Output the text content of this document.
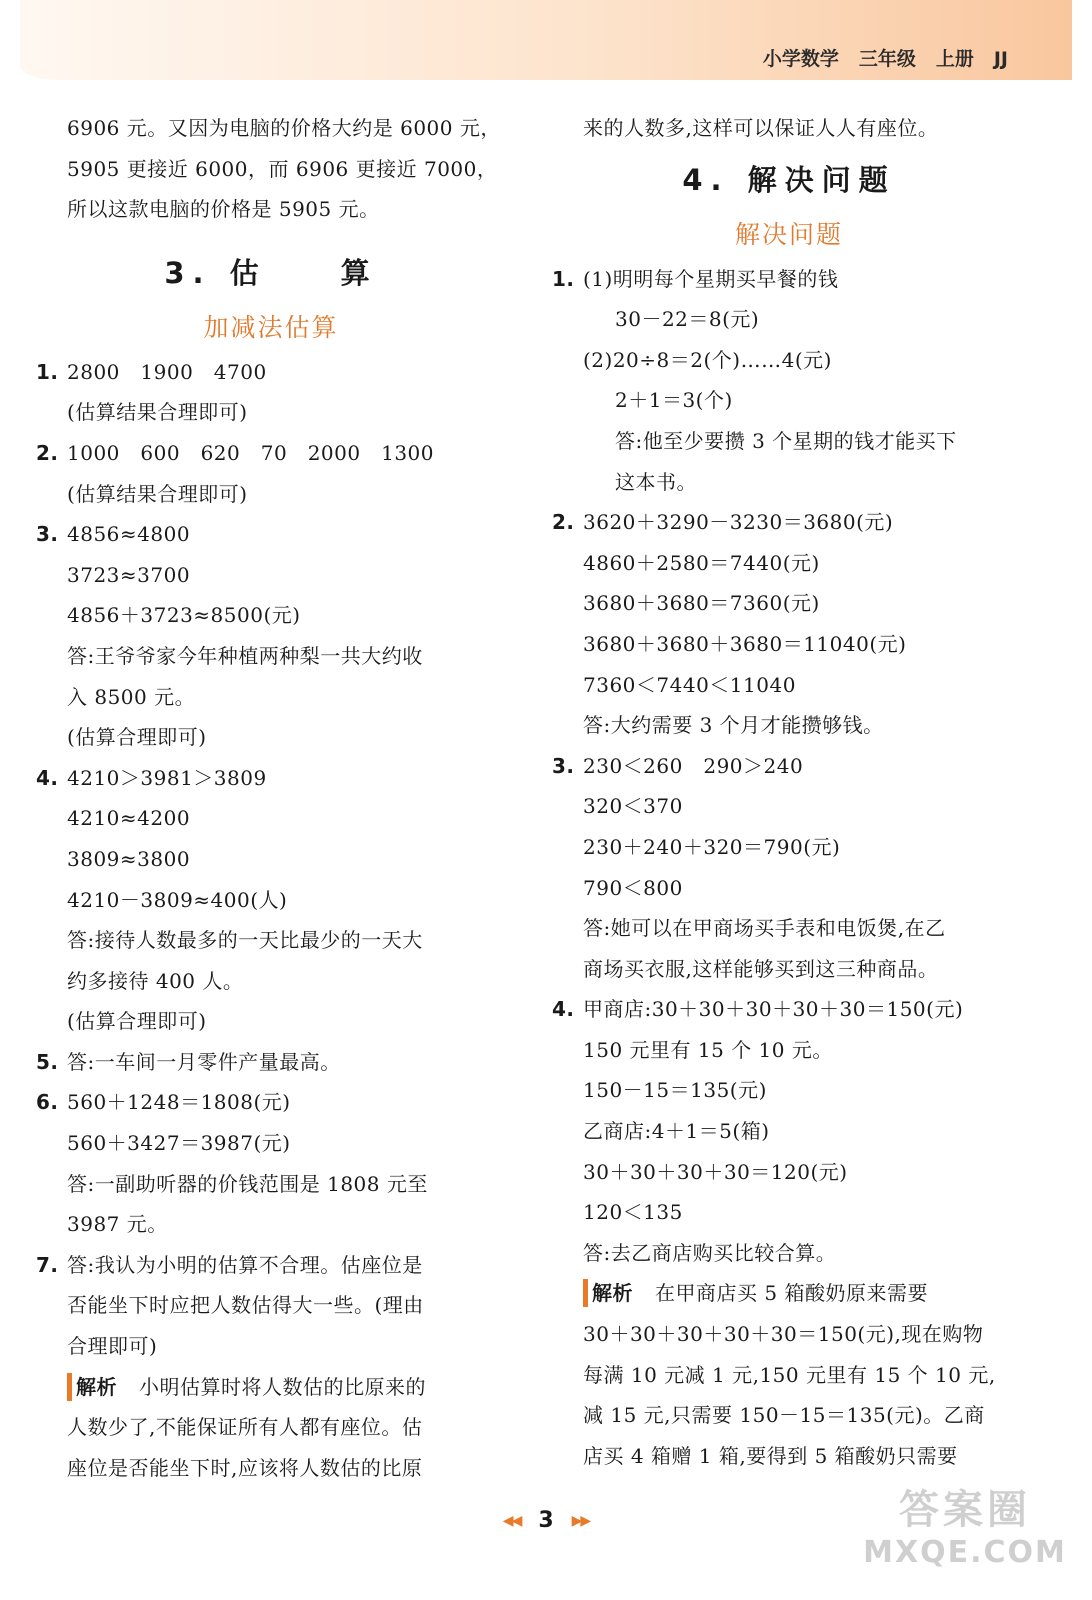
小学数学 三年级 上册 JJ
6906 元。又因为电脑的价格大约是 6000 元，
5905 更接近 6000，而 6906 更接近 7000，
所以这款电脑的价格是 5905 元。
3. 估　　算
加减法估算
1. 2800　1900　4700
(估算结果合理即可)
2. 1000　600　620　70　2000　1300
(估算结果合理即可)
3. 4856≈4800
3723≈3700
4856＋3723≈8500(元)
答:王爷爷家今年种植两种梨一共大约收
入 8500 元。
(估算合理即可)
4. 4210＞3981＞3809
4210≈4200
3809≈3800
4210－3809≈400(人)
答:接待人数最多的一天比最少的一天大
约多接待 400 人。
(估算合理即可)
5. 答:一车间一月零件产量最高。
6. 560＋1248＝1808(元)
560＋3427＝3987(元)
答:一副助听器的价钱范围是 1808 元至
3987 元。
7. 答:我认为小明的估算不合理。估座位是
否能坐下时应把人数估得大一些。(理由
合理即可)
解析 小明估算时将人数估的比原来的
人数少了,不能保证所有人都有座位。估
座位是否能坐下时,应该将人数估的比原
来的人数多,这样可以保证人人有座位。
4. 解决问题
解决问题
1. (1)明明每个星期买早餐的钱
30－22＝8(元)
(2)20÷8＝2(个)……4(元)
2＋1＝3(个)
答:他至少要攒 3 个星期的钱才能买下
这本书。
2. 3620＋3290－3230＝3680(元)
4860＋2580＝7440(元)
3680＋3680＝7360(元)
3680＋3680＋3680＝11040(元)
7360＜7440＜11040
答:大约需要 3 个月才能攒够钱。
3. 230＜260　290＞240
320＜370
230＋240＋320＝790(元)
790＜800
答:她可以在甲商场买手表和电饭煲,在乙
商场买衣服,这样能够买到这三种商品。
4. 甲商店:30＋30＋30＋30＋30＝150(元)
150 元里有 15 个 10 元。
150－15＝135(元)
乙商店:4＋1＝5(箱)
30＋30＋30＋30＝120(元)
120＜135
答:去乙商店购买比较合算。
解析 在甲商店买 5 箱酸奶原来需要
30＋30＋30＋30＋30＝150(元),现在购物
每满 10 元减 1 元,150 元里有 15 个 10 元,
减 15 元,只需要 150－15＝135(元)。乙商
店买 4 箱赠 1 箱,要得到 5 箱酸奶只需要
◀◀ 3 ▶▶	答案圈
MXQE.COM
